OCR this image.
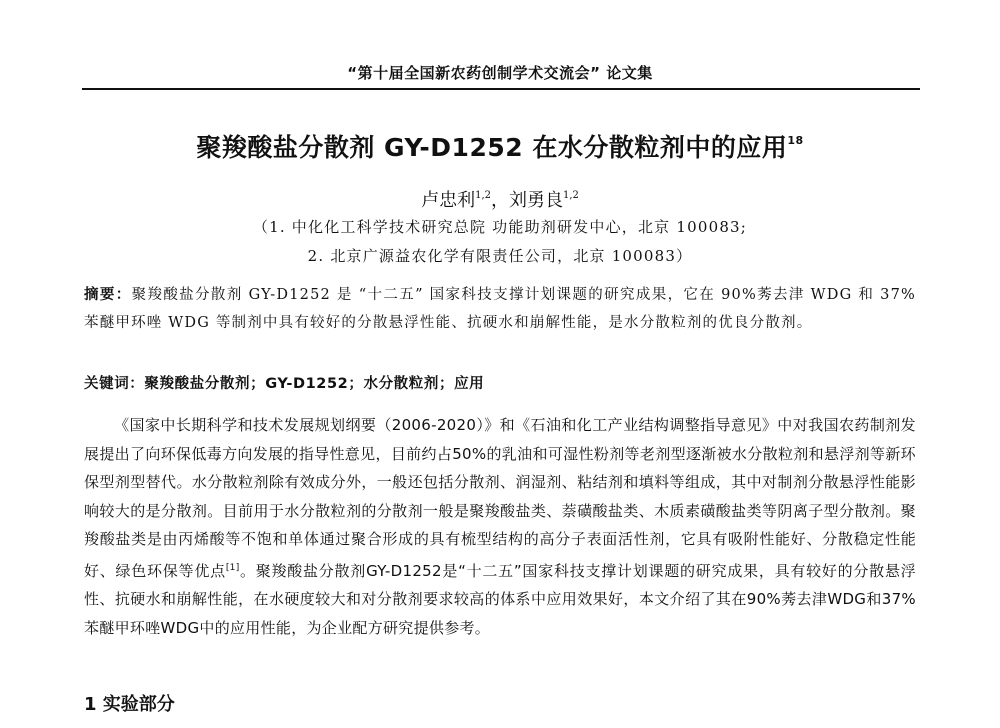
“第十届全国新农药创制学术交流会” 论文集
聚羧酸盐分散剂 GY-D1252 在水分散粒剂中的应用$^{18}$
卢忠利$^{1,2}$，刘勇良$^{1,2}$
（1. 中化化工科学技术研究总院 功能助剂研发中心，北京 100083;
2. 北京广源益农化学有限责任公司，北京 100083）
摘要：聚羧酸盐分散剂 GY-D1252 是 “十二五” 国家科技支撑计划课题的研究成果，它在 90%莠去津 WDG 和 37%苯醚甲环唑 WDG 等制剂中具有较好的分散悬浮性能、抗硬水和崩解性能，是水分散粒剂的优良分散剂。
关键词：聚羧酸盐分散剂；GY-D1252；水分散粒剂；应用
《国家中长期科学和技术发展规划纲要（2006-2020）》和《石油和化工产业结构调整指导意见》中对我国农药制剂发展提出了向环保低毒方向发展的指导性意见，目前约占50%的乳油和可湿性粉剂等老剂型逐渐被水分散粒剂和悬浮剂等新环保型剂型替代。水分散粒剂除有效成分外，一般还包括分散剂、润湿剂、粘结剂和填料等组成，其中对制剂分散悬浮性能影响较大的是分散剂。目前用于水分散粒剂的分散剂一般是聚羧酸盐类、萘磺酸盐类、木质素磺酸盐类等阴离子型分散剂。聚羧酸盐类是由丙烯酸等不饱和单体通过聚合形成的具有梳型结构的高分子表面活性剂，它具有吸附性能好、分散稳定性能好、绿色环保等优点[1]。聚羧酸盐分散剂GY-D1252是“十二五”国家科技支撑计划课题的研究成果，具有较好的分散悬浮性、抗硬水和崩解性能，在水硬度较大和对分散剂要求较高的体系中应用效果好，本文介绍了其在90%莠去津WDG和37%苯醚甲环唑WDG中的应用性能，为企业配方研究提供参考。
1 实验部分
